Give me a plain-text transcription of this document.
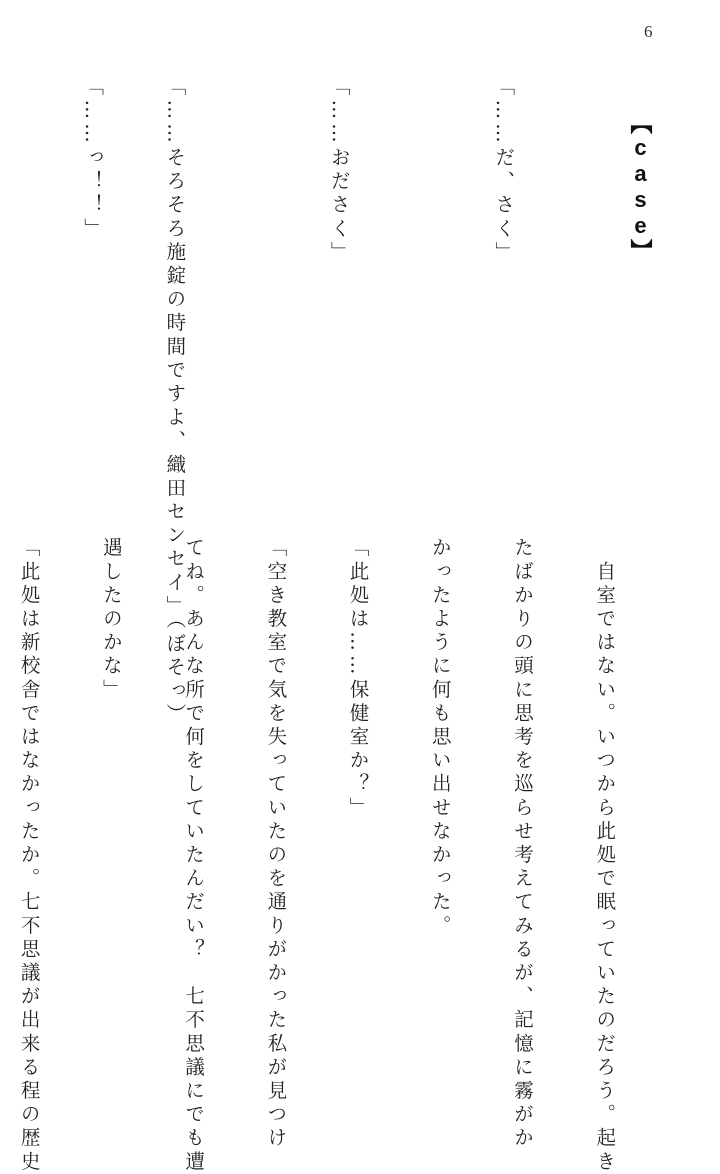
6
【case】

「……だ、さく」

「……おださく」

「……そろそろ施錠の時間ですよ、織田センセイ」（ぼそっ）

「……っ！！」

　自室ではない。いつから此処で眠っていたのだろう。起き

たばかりの頭に思考を巡らせ考えてみるが、記憶に霧がか

かったように何も思い出せなかった。

「此処は……保健室か？」

「空き教室で気を失っていたのを通りがかった私が見つけ

てね。あんな所で何をしていたんだい？　七不思議にでも遭

遇したのかな」

「此処は新校舎ではなかったか。七不思議が出来る程の歴史
